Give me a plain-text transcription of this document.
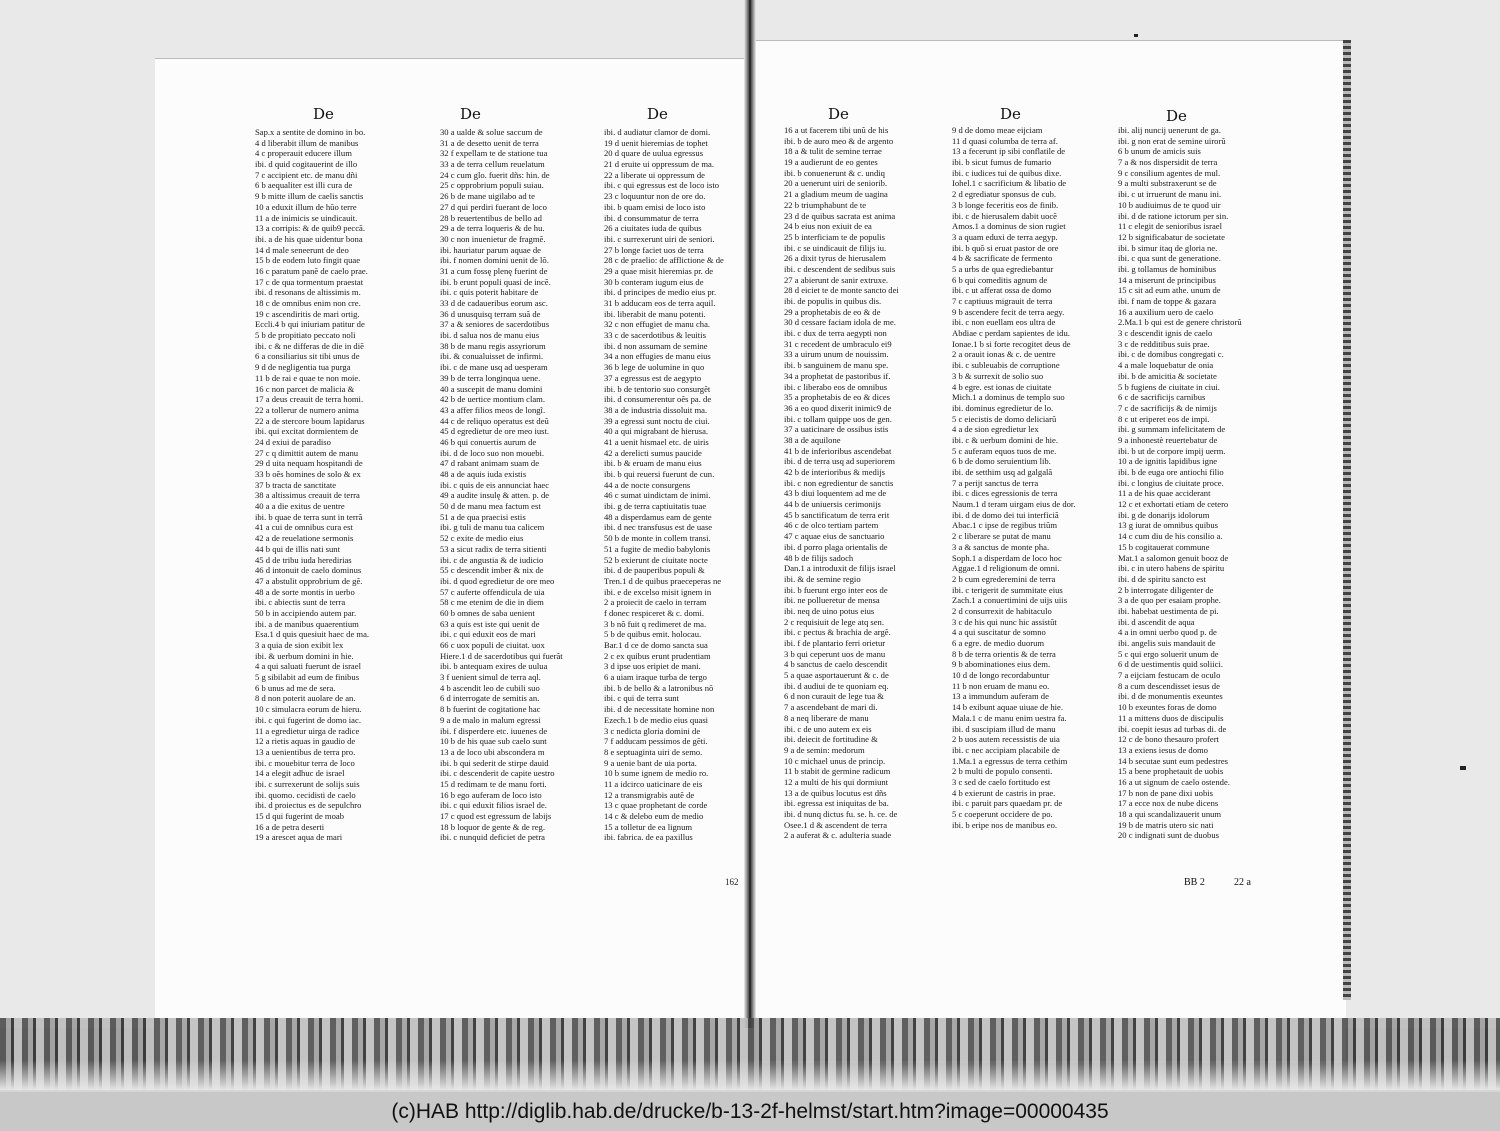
De	De	De
Sap.x a sentite de domino in bo.
4 d liberabit illum de manibus
4 c properauit educere illum
ibi. d quid cogitauerint de illo
7 c accipient etc. de manu dñi
6 b aequaliter est illi cura de
9 b mitte illum de caelis sanctis
10 a eduxit illum de hũo terre
11 a de inimicis se uindicauit.
13 a corripis: & de quib9 peccã.
ibi. a de his quae uidentur bona
14 d male seneerunt de deo
15 b de eodem luto fingit quae
16 c paratum panẽ de caelo prae.
17 c de qua tormentum praestat
ibi. d resonans de altissimis m.
18 c de omnibus enim non cre.
19 c ascendiritis de mari ortig.
Eccli.4 b qui iniuriam patitur de
5 b de propitiato peccato noli
ibi. c & ne differas de die in diẽ
6 a consiliarius sit tibi unus de
9 d de negligentia tua purga
11 b de rai e quae te non moie.
16 c non parcet de malicia &
17 a deus creauit de terra homi.
22 a tollerur de numero anima
22 a de stercore boum lapidarus
ibi. qui excitat dormientem de
24 d exiui de paradiso
27 c q dimittit autem de manu
29 d uita nequam hospitandi de
33 b oẽs homines de solo & ex
37 b tracta de sanctitate
38 a altissimus creauit de terra
40 a a die exitus de uentre
ibi. b quae de terra sunt in terrã
41 a cui de omnibus cura est
42 a de reuelatione sermonis
44 b qui de illis nati sunt
45 d de tribu iuda heredirias
46 d intonuit de caelo dominus
47 a abstulit opprobrium de gẽ.
48 a de sorte montis in uerbo
ibi. c abiectis sunt de terra
50 b in accipiendo autem par.
ibi. a de manibus quaerentium
Esa.1 d quis quesiuit haec de ma.
3 a quia de sion exibit lex
ibi. & uerbum domini in hie.
4 a qui saluati fuerunt de israel
5 g sibilabit ad eum de finibus
6 b unus ad me de sera.
8 d non poterit auolare de an.
10 c simulacra eorum de hieru.
ibi. c qui fugerint de domo iac.
11 a egredietur uirga de radice
12 a rietis aquas in gaudio de
13 a uenientibus de terra pro.
ibi. c mouebitur terra de loco
14 a elegit adhuc de israel
ibi. c surrexerunt de solijs suis
ibi. quomo. cecidisti de caelo
ibi. d proiectus es de sepulchro
15 d qui fugerint de moab
16 a de petra deserti
19 a arescet aqua de mari
30 a ualde & solue saccum de
31 a de desetto uenit de terra
32 f expellam te de statione tua
33 a de terra cellum reuelatum
24 c cum glo. fuerit dñs: hin. de
25 c opprobrium populi suiau.
26 b de mane uigilabo ad te
27 d qui perdiri fuerant de loco
28 b reuertentibus de bello ad
29 a de terra loqueris & de hu.
30 c non inuenietur de fragmẽ.
ibi. hauriatur parum aquae de
ibi. f nomen domini uenit de lõ.
31 a cum fossę plenę fuerint de
ibi. b erunt populi quasi de incẽ.
ibi. c quis poterit habitare de
33 d de cadaueribus eorum asc.
36 d unusquisq terram suã de
37 a & seniores de sacerdotibus
ibi. d salua nos de manu eius
38 b de manu regis assyriorum
ibi. & conualuisset de infirmi.
ibi. c de mane usq ad uesperam
39 b de terra longinqua uene.
40 a suscepit de manu domini
42 b de uertice montium clam.
43 a affer filios meos de longĩ.
44 c de reliquo operatus est deũ
45 d egredietur de ore meo iust.
46 b qui conuertis aurum de
ibi. d de loco suo non mouebi.
47 d rabant animam suam de
48 a de aquis iuda existis
ibi. c quis de eis annunciat haec
49 a audite insulę & atten. p. de
50 d de manu mea factum est
51 a de qua praecisi estis
ibi. g tuli de manu tua calicem
52 c exite de medio eius
53 a sicut radix de terra sitienti
ibi. c de angustia & de iudicio
55 c descendit imber & nix de
ibi. d quod egredietur de ore meo
57 c auferte offendicula de uia
58 c me etenim de die in diem
60 b omnes de saba uenient
63 a quis est iste qui uenit de
ibi. c qui eduxit eos de mari
66 c uox populi de ciuitat. uox
Hiere.1 d de sacerdotibus qui fuerãt
ibi. b antequam exires de uulua
3 f uenient simul de terra aql.
4 b ascendit leo de cubili suo
6 d interrogate de semitis an.
8 b fuerint de cogitatione hac
9 a de malo in malum egressi
ibi. f disperdere etc. iuuenes de
10 b de his quae sub caelo sunt
13 a de loco ubi abscondera m
ibi. b qui sederit de stirpe dauid
ibi. c descenderit de capite uestro
15 d redimam te de manu forti.
16 b ego auferam de loco isto
ibi. c qui eduxit filios israel de.
17 c quod est egressum de labijs
18 b loquor de gente & de reg.
ibi. c nunquid deficiet de petra
ibi. d audiatur clamor de domi.
19 d uenit hieremias de tophet
20 d quare de uulua egressus
21 d eruite ui oppressum de ma.
22 a liberate ui oppressum de
ibi. c qui egressus est de loco isto
23 c loquuntur non de ore do.
ibi. b quam emisi de loco isto
ibi. d consummatur de terra
26 a ciuitates iuda de quibus
ibi. c surrexerunt uiri de seniori.
27 b longe faciet uos de terra
28 c de praelio: de afflictione & de
29 a quae misit hieremias pr. de
30 b conteram iugum eius de
ibi. d principes de medio eius pr.
31 b adducam eos de terra aquil.
ibi. liberabit de manu potenti.
32 c non effugiet de manu cha.
33 c de sacerdotibus & leuitis
ibi. d non assumam de semine
34 a non effugies de manu eius
36 b lege de uolumine in quo
37 a egressus est de aegypto
ibi. b de tentorio suo consurgẽt
ibi. d consumerentur oẽs pa. de
38 a de industria dissoluit ma.
39 a egressi sunt noctu de ciui.
40 a qui migrabant de hierusa.
41 a uenit hismael etc. de uiris
42 a derelicti sumus paucide
ibi. b & eruam de manu eius
ibi. b qui reuersi fuerunt de cun.
44 a de nocte consurgens
46 c sumat uindictam de inimi.
ibi. g de terra captiuitatis tuae
48 a disperdamus eam de gente
ibi. d nec transfusus est de uase
50 b de monte in collem transi.
51 a fugite de medio babylonis
52 b exierunt de ciuitate nocte
ibi. d de pauperibus populi &
Tren.1 d de quibus praeceperas ne
ibi. e de excelso misit ignem in
2 a proiecit de caelo in terram
f donec respiceret & c. domi.
3 b nõ fuit q redimeret de ma.
5 b de quibus emit. holocau.
Bar.1 d ce de domo sancta sua
2 c ex quibus erunt prudentiam
3 d ipse uos eripiet de mani.
6 a uiam iraque turba de tergo
ibi. b de bello & a latronibus nõ
ibi. c qui de terra sunt
ibi. d de necessitate homine non
Ezech.1 b de medio eius quasi
3 c nedicta gloria domini de
7 f adducam pessimos de gẽti.
8 e septuaginta uiri de semo.
9 a uenie bant de uia porta.
10 b sume ignem de medio ro.
11 a idcirco uaticinare de eis
12 a transmigrabis autẽ de
13 c quae prophetant de corde
14 c & delebo eum de medio
15 a tolletur de ea lignum
ibi. fabrica. de ea paxillus
162
De	De	De
16 a ut facerem tibi unũ de his
ibi. b de auro meo & de argento
18 a & tulit de semine terrae
19 a audierunt de eo gentes
ibi. b conuenerunt & c. undiq
20 a uenerunt uiri de seniorib.
21 a gladium meum de uagina
22 b triumphabunt de te
23 d de quibus sacrata est anima
24 b eius non exiuit de ea
25 b interficiam te de populis
ibi. c se uindicauit de filijs iu.
26 a dixit tyrus de hierusalem
ibi. c descendent de sedibus suis
27 a abierunt de sanir extruxe.
28 d eiciet te de monte sancto dei
ibi. de populis in quibus dis.
29 a prophetabis de eo & de
30 d cessare faciam idola de me.
ibi. c dux de terra aegypti non
31 c recedent de umbraculo ei9
33 a uirum unum de nouissim.
ibi. b sanguinem de manu spe.
34 a prophetat de pastoribus if.
ibi. c liberabo eos de omnibus
35 a prophetabis de eo & dices
36 a eo quod dixerit inimic9 de
ibi. c tollam quippe uos de gen.
37 a uaticinare de ossibus istis
38 a de aquilone
41 b de inferioribus ascendebat
ibi. d de terra usq ad superiorem
42 b de interioribus & medijs
ibi. c non egredientur de sanctis
43 b diui loquentem ad me de
44 b de uniuersis cerimonijs
45 b sanctificatum de terra erit
46 c de olco tertiam partem
47 c aquae eius de sanctuario
ibi. d porro plaga orientalis de
48 b de filijs sadoch
Dan.1 a introduxit de filijs israel
ibi. & de semine regio
ibi. b fuerunt ergo inter eos de
ibi. ne pollueretur de mensa
ibi. neq de uino potus eius
2 c requisiuit de lege atq sen.
ibi. c pectus & brachia de argẽ.
ibi. f de plantario ferri orietur
3 b qui ceperunt uos de manu
4 b sanctus de caelo descendit
5 a quae asportauerunt & c. de
ibi. d audiui de te quoniam eq.
6 d non curauit de lege tua &
7 a ascendebant de mari di.
8 a neq liberare de manu
ibi. c de uno autem ex eis
ibi. deiecit de fortitudine &
9 a de semin: medorum
10 c michael unus de princip.
11 b stabit de germine radicum
12 a multi de his qui dormiunt
13 a de quibus locutus est dñs
ibi. egressa est iniquitas de ba.
ibi. d nunq dictus fu. se. h. ce. de
Osee.1 d & ascendent de terra
2 a auferat & c. adulteria suade
9 d de domo meae eijciam
11 d quasi columba de terra af.
13 a fecerunt ip sibi conflatile de
ibi. b sicut fumus de fumario
ibi. c iudices tui de quibus dixe.
Iohel.1 c sacrificium & libatio de
2 d egrediatur sponsus de cub.
3 b longe feceritis eos de finib.
ibi. c de hierusalem dabit uocẽ
Amos.1 a dominus de sion rugiet
3 a quam eduxi de terra aegyp.
ibi. b quõ si eruat pastor de ore
4 b & sacrificate de fermento
5 a urbs de qua egrediebantur
6 b qui comeditis agnum de
ibi. c ut afferat ossa de domo
7 c captiuus migrauit de terra
9 b ascendere fecit de terra aegy.
ibi. c non euellam eos ultra de
Abdiae c perdam sapientes de idu.
Ionae.1 b si forte recogitet deus de
2 a orauit ionas & c. de uentre
ibi. c subleuabis de corruptione
3 b & surrexit de solio suo
4 b egre. est ionas de ciuitate
Mich.1 a dominus de templo suo
ibi. dominus egredietur de lo.
5 c eiecistis de domo deliciarũ
4 a de sion egredietur lex
ibi. c & uerbum domini de hie.
5 c auferam equos tuos de me.
6 b de domo seruientium lib.
ibi. de setthim usq ad galgalã
7 a perijt sanctus de terra
ibi. c dices egressionis de terra
Naum.1 d teram uirgam eius de dor.
ibi. d de domo dei tui interficiã
Abac.1 c ipse de regibus triũm
2 c liberare se putat de manu
3 a & sanctus de monte pha.
Soph.1 a disperdam de loco hoc
Aggae.1 d religionum de omni.
2 b cum egrederemini de terra
ibi. c terigerit de summitate eius
Zach.1 a conuertimini de uijs uiis
2 d consurrexit de habitaculo
3 c de his qui nunc hic assistũt
4 a qui suscitatur de somno
6 a egre. de medio duorum
8 b de terra orientis & de terra
9 b abominationes eius dem.
10 d de longo recordabuntur
11 b non eruam de manu eo.
13 a immundum auferam de
14 b exibunt aquae uiuae de hie.
Mala.1 c de manu enim uestra fa.
ibi. d suscipiam illud de manu
2 b uos autem recessistis de uia
ibi. c nec accipiam placabile de
1.Ma.1 a egressus de terra cethim
2 b multi de populo consenti.
3 c sed de caelo fortitudo est
4 b exierunt de castris in prae.
ibi. c paruit pars quaedam pr. de
5 c coeperunt occidere de po.
ibi. b eripe nos de manibus eo.
ibi. alij nuncij uenerunt de ga.
ibi. g non erat de semine uirorũ
6 b unum de amicis suis
7 a & nos dispersidit de terra
9 c consilium agentes de mul.
9 a multi substraxerunt se de
ibi. c ut irruerunt de manu ini.
10 b audiuimus de te quod uir
ibi. d de ratione ictorum per sin.
11 c elegit de senioribus israel
12 b significabatur de societate
ibi. b simur itaq de gloria ne.
ibi. c qua sunt de generatione.
ibi. g tollamus de hominibus
14 a miserunt de principibus
15 c sit ad eum athe. unum de
ibi. f nam de toppe & gazara
16 a auxilium uero de caelo
2.Ma.1 b qui est de genere christorũ
3 c descendit ignis de caelo
3 c de redditibus suis prae.
ibi. c de domibus congregati c.
4 a male loquebatur de onia
ibi. b de amicitia & societate
5 b fugiens de ciuitate in ciui.
6 c de sacrificijs carnibus
7 c de sacrificijs & de nimijs
8 c ut eriperet eos de impi.
ibi. g summam infelicitatem de
9 a inhonestè reuertebatur de
ibi. b ut de corpore impij uerm.
10 a de ignitis lapidibus igne
ibi. b de euga ore antiochi filio
ibi. c longius de ciuitate proce.
11 a de his quae acciderant
12 c et exhortati etiam de cetero
ibi. g de donarijs idolorum
13 g iurat de omnibus quibus
14 c cum diu de his consilio a.
15 b cogitauerat commune
Mat.1 a salomon genuit booz de
ibi. c in utero habens de spiritu
ibi. d de spiritu sancto est
2 b interrogate diligenter de
3 a de quo per esaiam prophe.
ibi. habebat uestimenta de pi.
ibi. d ascendit de aqua
4 a in omni uerbo quod p. de
ibi. angelis suis mandauit de
5 c qui ergo soluerit unum de
6 d de uestimentis quid soliici.
7 a eijciam festucam de oculo
8 a cum descendisset iesus de
ibi. d de monumentis exeuntes
10 b exeuntes foras de domo
11 a mittens duos de discipulis
ibi. coepit iesus ad turbas di. de
12 c de bono thesauro profert
13 a exiens iesus de domo
14 b secutae sunt eum pedestres
15 a bene prophetauit de uobis
16 a ut signum de caelo ostende.
17 b non de pane dixi uobis
17 a ecce nox de nube dicens
18 a qui scandalizauerit unum
19 b de matris utero sic nati
20 c indignati sunt de duobus
BB 2	22 a
(c)HAB http://diglib.hab.de/drucke/b-13-2f-helmst/start.htm?image=00000435
